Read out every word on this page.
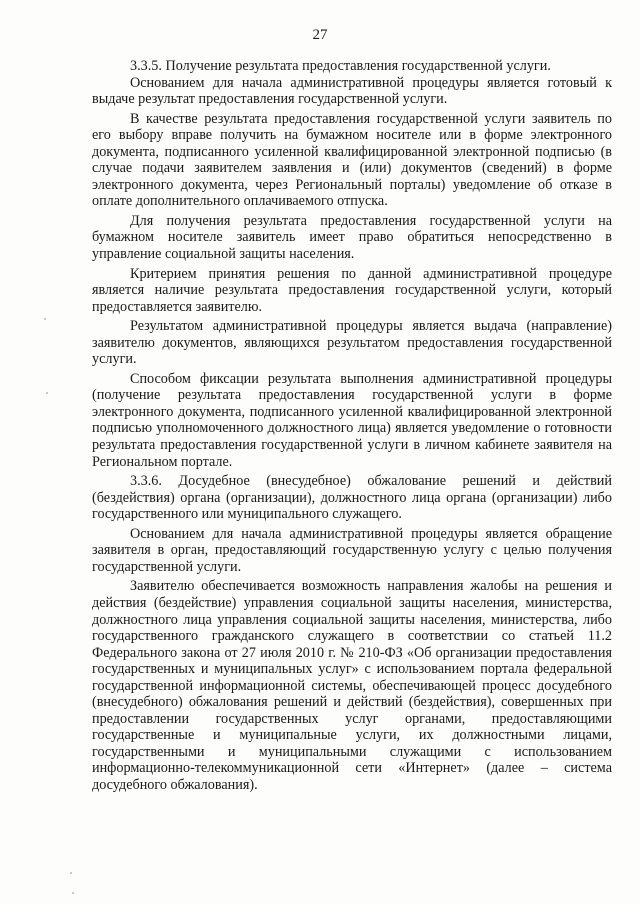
27

3.3.5. Получение результата предоставления государственной услуги.

Основанием для начала административной процедуры является готовый к выдаче результат предоставления государственной услуги.

В качестве результата предоставления государственной услуги заявитель по его выбору вправе получить на бумажном носителе или в форме электронного документа, подписанного усиленной квалифицированной электронной подписью (в случае подачи заявителем заявления и (или) документов (сведений) в форме электронного документа, через Региональный порталы) уведомление об отказе в оплате дополнительного оплачиваемого отпуска.

Для получения результата предоставления государственной услуги на бумажном носителе заявитель имеет право обратиться непосредственно в управление социальной защиты населения.

Критерием принятия решения по данной административной процедуре является наличие результата предоставления государственной услуги, который предоставляется заявителю.

Результатом административной процедуры является выдача (направление) заявителю документов, являющихся результатом предоставления государственной услуги.

Способом фиксации результата выполнения административной процедуры (получение результата предоставления государственной услуги в форме электронного документа, подписанного усиленной квалифицированной электронной подписью уполномоченного должностного лица) является уведомление о готовности результата предоставления государственной услуги в личном кабинете заявителя на Региональном портале.

3.3.6. Досудебное (внесудебное) обжалование решений и действий (бездействия) органа (организации), должностного лица органа (организации) либо государственного или муниципального служащего.

Основанием для начала административной процедуры является обращение заявителя в орган, предоставляющий государственную услугу с целью получения государственной услуги.

Заявителю обеспечивается возможность направления жалобы на решения и действия (бездействие) управления социальной защиты населения, министерства, должностного лица управления социальной защиты населения, министерства, либо государственного гражданского служащего в соответствии со статьей 11.2 Федерального закона от 27 июля 2010 г. № 210-ФЗ «Об организации предоставления государственных и муниципальных услуг» с использованием портала федеральной государственной информационной системы, обеспечивающей процесс досудебного (внесудебного) обжалования решений и действий (бездействия), совершенных при предоставлении государственных услуг органами, предоставляющими государственные и муниципальные услуги, их должностными лицами, государственными и муниципальными служащими с использованием информационно-телекоммуникационной сети «Интернет» (далее – система досудебного обжалования).
